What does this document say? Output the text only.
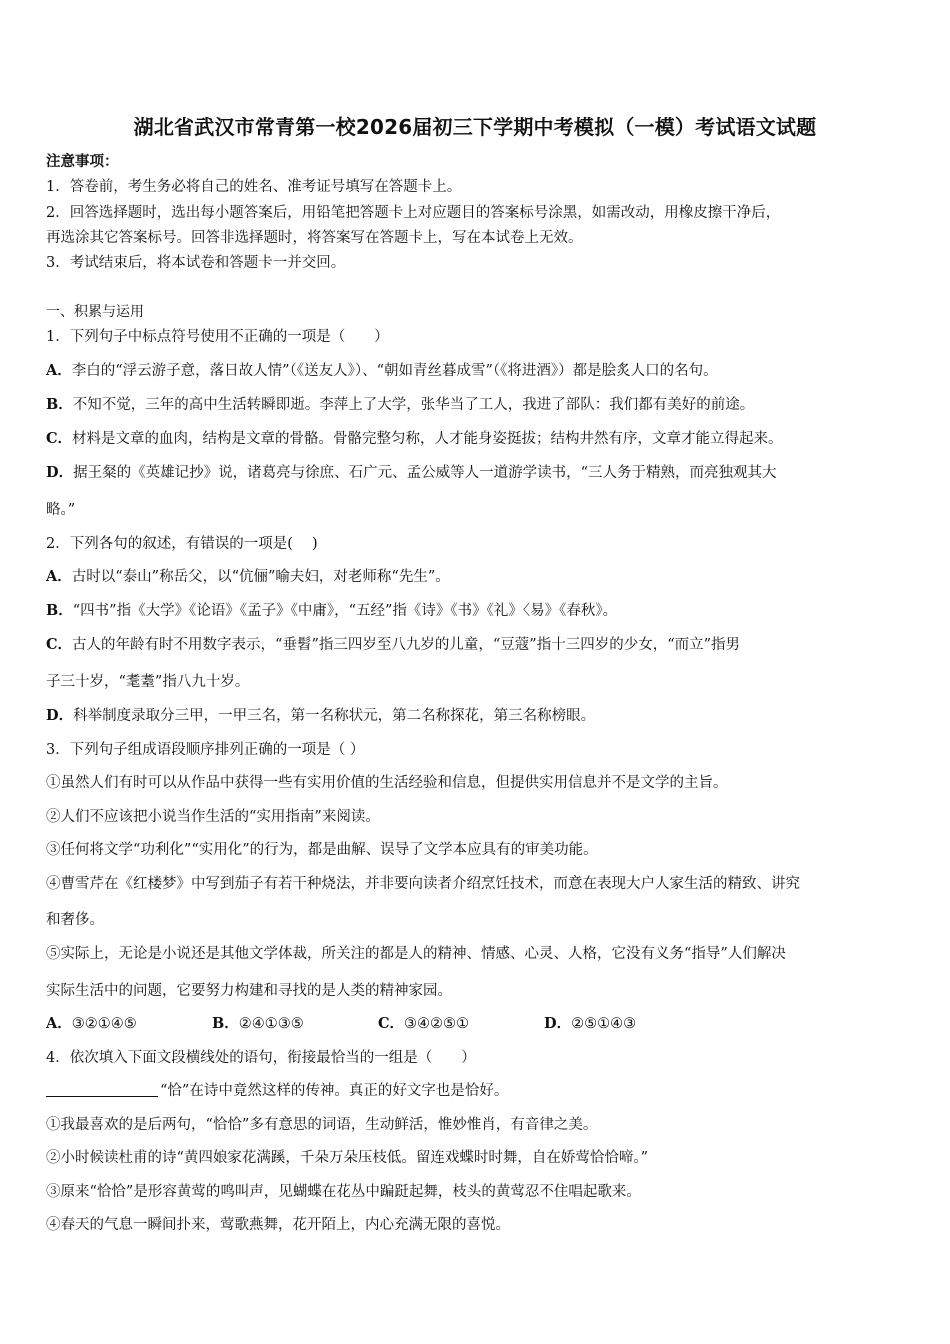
湖北省武汉市常青第一校2026届初三下学期中考模拟（一模）考试语文试题
注意事项：
1．答卷前，考生务必将自己的姓名、准考证号填写在答题卡上。
2．回答选择题时，选出每小题答案后，用铅笔把答题卡上对应题目的答案标号涂黑，如需改动，用橡皮擦干净后，
再选涂其它答案标号。回答非选择题时，将答案写在答题卡上，写在本试卷上无效。
3．考试结束后，将本试卷和答题卡一并交回。
一、积累与运用
1．下列句子中标点符号使用不正确的一项是（　　）
A．李白的“浮云游子意，落日故人情”（《送友人》）、“朝如青丝暮成雪”（《将进酒》）都是脍炙人口的名句。
B．不知不觉，三年的高中生活转瞬即逝。李萍上了大学，张华当了工人，我进了部队：我们都有美好的前途。
C．材料是文章的血肉，结构是文章的骨骼。骨骼完整匀称，人才能身姿挺拔；结构井然有序，文章才能立得起来。
D．据王粲的《英雄记抄》说，诸葛亮与徐庶、石广元、孟公威等人一道游学读书，“三人务于精熟，而亮独观其大
略。”
2．下列各句的叙述，有错误的一项是(　 )
A．古时以“泰山”称岳父，以“伉俪”喻夫妇，对老师称“先生”。
B．“四书”指《大学》《论语》《孟子》《中庸》，“五经”指《诗》《书》《礼》〈易》《春秋》。
C．古人的年龄有时不用数字表示，“垂髫”指三四岁至八九岁的儿童，“豆蔻”指十三四岁的少女，“而立”指男
子三十岁，“耄耋”指八九十岁。
D．科举制度录取分三甲，一甲三名，第一名称状元，第二名称探花，第三名称榜眼。
3．下列句子组成语段顺序排列正确的一项是（ ）
①虽然人们有时可以从作品中获得一些有实用价值的生活经验和信息，但提供实用信息并不是文学的主旨。
②人们不应该把小说当作生活的“实用指南”来阅读。
③任何将文学“功利化”“实用化”的行为，都是曲解、误导了文学本应具有的审美功能。
④曹雪芹在《红楼梦》中写到茄子有若干种烧法，并非要向读者介绍烹饪技术，而意在表现大户人家生活的精致、讲究
和奢侈。
⑤实际上，无论是小说还是其他文学体裁，所关注的都是人的精神、情感、心灵、人格，它没有义务“指导”人们解决
实际生活中的问题，它要努力构建和寻找的是人类的精神家园。
A．③②①④⑤	B．②④①③⑤	C．③④②⑤①	D．②⑤①④③
4．依次填入下面文段横线处的语句，衔接最恰当的一组是（　　）
“恰”在诗中竟然这样的传神。真正的好文字也是恰好。
①我最喜欢的是后两句，“恰恰”多有意思的词语，生动鲜活，惟妙惟肖，有音律之美。
②小时候读杜甫的诗“黄四娘家花满蹊，千朵万朵压枝低。留连戏蝶时时舞，自在娇莺恰恰啼。”
③原来“恰恰”是形容黄莺的鸣叫声，见蝴蝶在花丛中蹁跹起舞，枝头的黄莺忍不住唱起歌来。
④春天的气息一瞬间扑来，莺歌燕舞，花开陌上，内心充满无限的喜悦。
